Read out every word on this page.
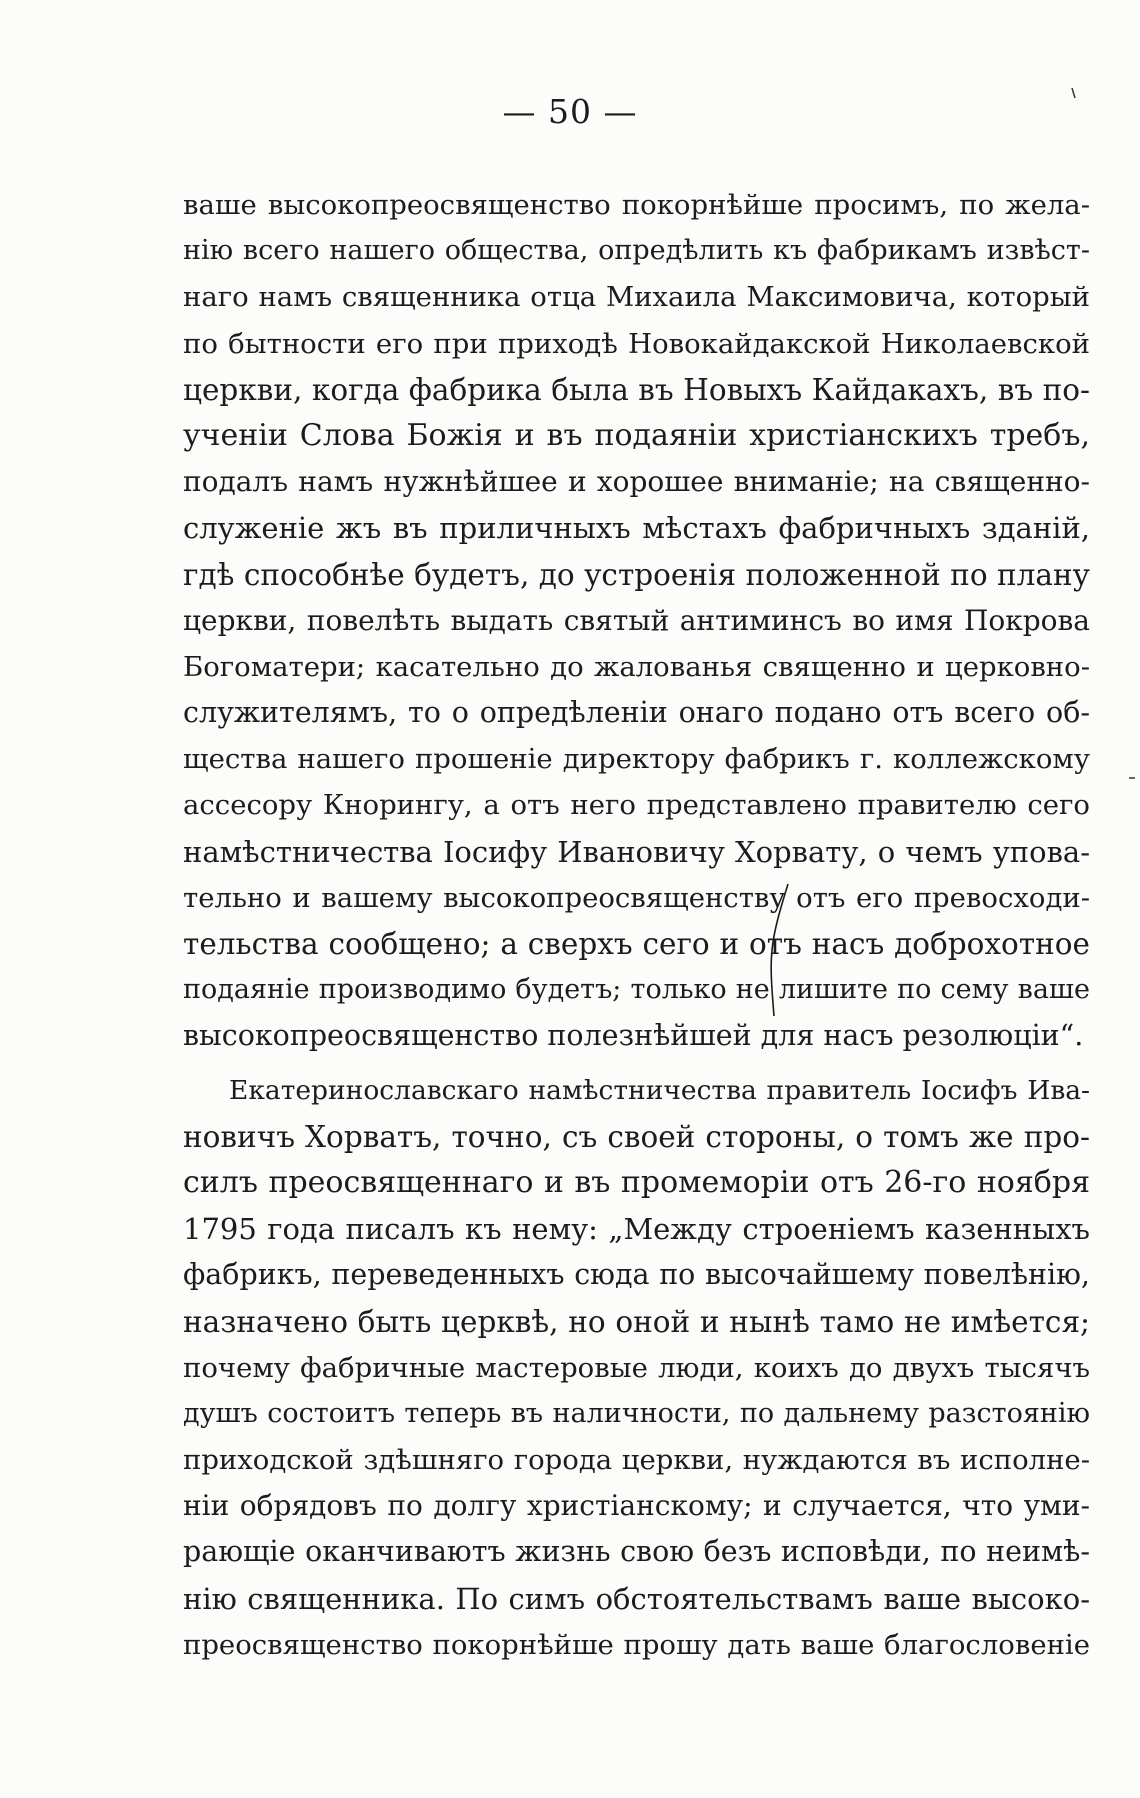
— 50 —
ваше высокопреосвященство покорнѣйше просимъ, по жела-
нію всего нашего общества, опредѣлить къ фабрикамъ извѣст-
наго намъ священника отца Михаила Максимовича, который
по бытности его при приходѣ Новокайдакской Николаевской
церкви, когда фабрика была въ Новыхъ Кайдакахъ, въ по-
ученіи Слова Божія и въ подаяніи христіанскихъ требъ,
подалъ намъ нужнѣйшее и хорошее вниманіе; на священно-
служеніе жъ въ приличныхъ мѣстахъ фабричныхъ зданій,
гдѣ способнѣе будетъ, до устроенія положенной по плану
церкви, повелѣть выдать святый антиминсъ во имя Покрова
Богоматери; касательно до жалованья священно и церковно-
служителямъ, то о опредѣленіи онаго подано отъ всего об-
щества нашего прошеніе директору фабрикъ г. коллежскому
ассесору Кнорингу, а отъ него представлено правителю сего
намѣстничества Іосифу Ивановичу Хорвату, о чемъ упова-
тельно и вашему высокопреосвященству отъ его превосходи-
тельства сообщено; а сверхъ сего и отъ насъ доброхотное
подаяніе производимо будетъ; только не лишите по сему ваше
высокопреосвященство полезнѣйшей для насъ резолюціи“.
Екатеринославскаго намѣстничества правитель Іосифъ Ива-
новичъ Хорватъ, точно, съ своей стороны, о томъ же про-
силъ преосвященнаго и въ промеморіи отъ 26-го ноября
1795 года писалъ къ нему: „Между строеніемъ казенныхъ
фабрикъ, переведенныхъ сюда по высочайшему повелѣнію,
назначено быть церквѣ, но оной и нынѣ тамо не имѣется;
почему фабричные мастеровые люди, коихъ до двухъ тысячъ
душъ состоитъ теперь въ наличности, по дальнему разстоянію
приходской здѣшняго города церкви, нуждаются въ исполне-
ніи обрядовъ по долгу христіанскому; и случается, что уми-
рающіе оканчиваютъ жизнь свою безъ исповѣди, по неимѣ-
нію священника. По симъ обстоятельствамъ ваше высоко-
преосвященство покорнѣйше прошу дать ваше благословеніе
